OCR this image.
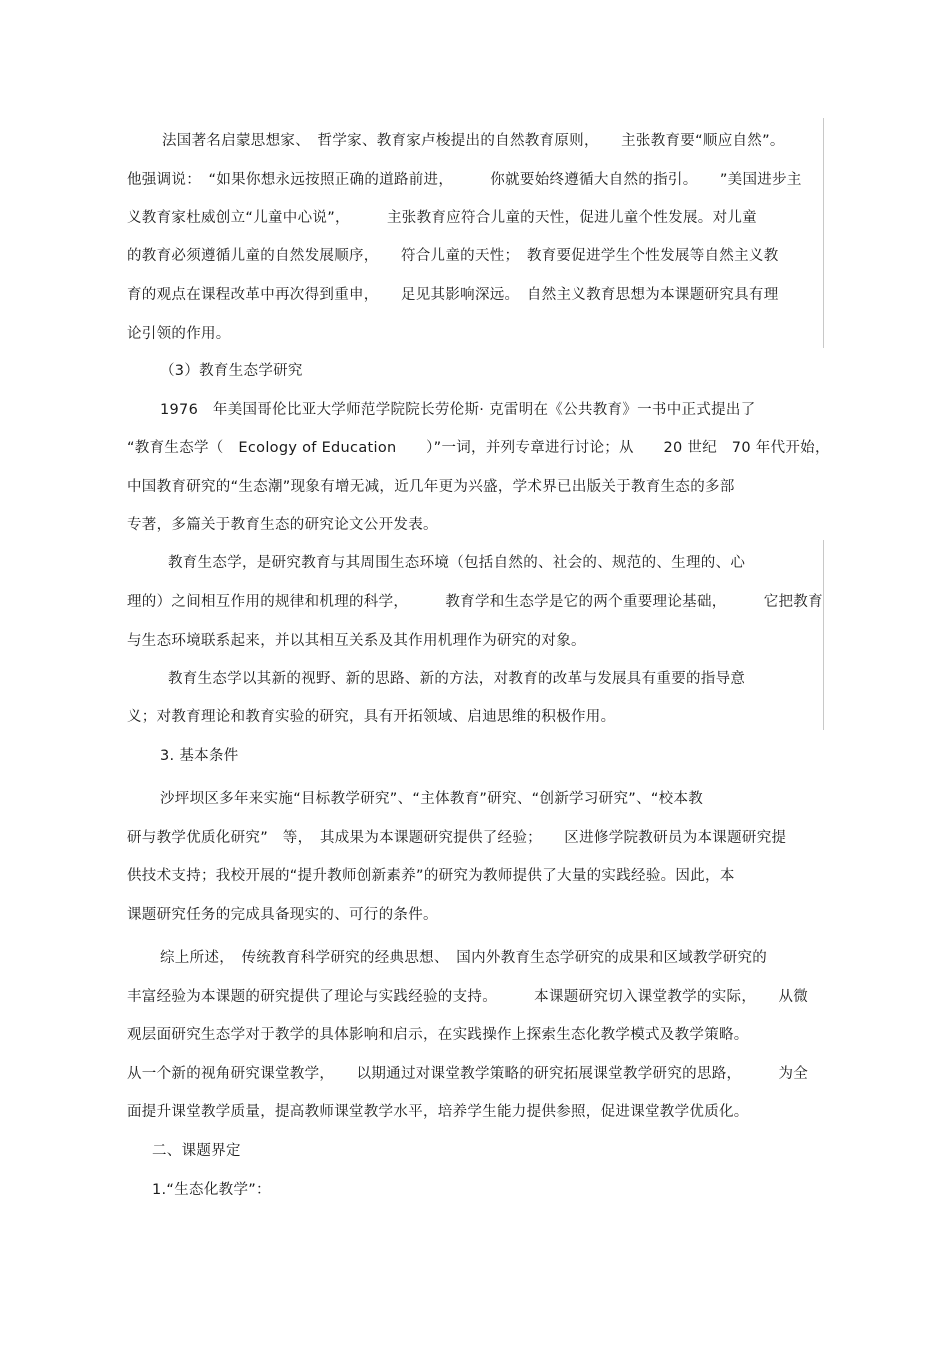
法国著名启蒙思想家、　哲学家、教育家卢梭提出的自然教育原则，　　主张教育要“顺应自然”。
他强调说：　“如果你想永远按照正确的道路前进，　　　你就要始终遵循大自然的指引。　　”美国进步主
义教育家杜威创立“儿童中心说”，　　　主张教育应符合儿童的天性，促进儿童个性发展。对儿童
的教育必须遵循儿童的自然发展顺序，　　符合儿童的天性；　教育要促进学生个性发展等自然主义教
育的观点在课程改革中再次得到重申，　　足见其影响深远。　自然主义教育思想为本课题研究具有理
论引领的作用。
（3）教育生态学研究
1976　年美国哥伦比亚大学师范学院院长劳伦斯· 克雷明在《公共教育》一书中正式提出了
“教育生态学（　Ecology of Education　　）”一词，并列专章进行讨论；从　　20 世纪　70 年代开始，
中国教育研究的“生态潮”现象有增无减，近几年更为兴盛，学术界已出版关于教育生态的多部
专著，多篇关于教育生态的研究论文公开发表。
教育生态学，是研究教育与其周围生态环境（包括自然的、社会的、规范的、生理的、心
理的）之间相互作用的规律和机理的科学，　　　教育学和生态学是它的两个重要理论基础，　　　它把教育
与生态环境联系起来，并以其相互关系及其作用机理作为研究的对象。
教育生态学以其新的视野、新的思路、新的方法，对教育的改革与发展具有重要的指导意
义；对教育理论和教育实验的研究，具有开拓领域、启迪思维的积极作用。
3. 基本条件
沙坪坝区多年来实施“目标教学研究”、“主体教育”研究、“创新学习研究”、“校本教
研与教学优质化研究”　等，　其成果为本课题研究提供了经验；　　区进修学院教研员为本课题研究提
供技术支持；我校开展的“提升教师创新素养”的研究为教师提供了大量的实践经验。因此，本
课题研究任务的完成具备现实的、可行的条件。
综上所述，　传统教育科学研究的经典思想、　国内外教育生态学研究的成果和区域教学研究的
丰富经验为本课题的研究提供了理论与实践经验的支持。　　　本课题研究切入课堂教学的实际，　　从微
观层面研究生态学对于教学的具体影响和启示，在实践操作上探索生态化教学模式及教学策略。
从一个新的视角研究课堂教学，　　以期通过对课堂教学策略的研究拓展课堂教学研究的思路，　　　为全
面提升课堂教学质量，提高教师课堂教学水平，培养学生能力提供参照，促进课堂教学优质化。
二、课题界定
1.“生态化教学”：
